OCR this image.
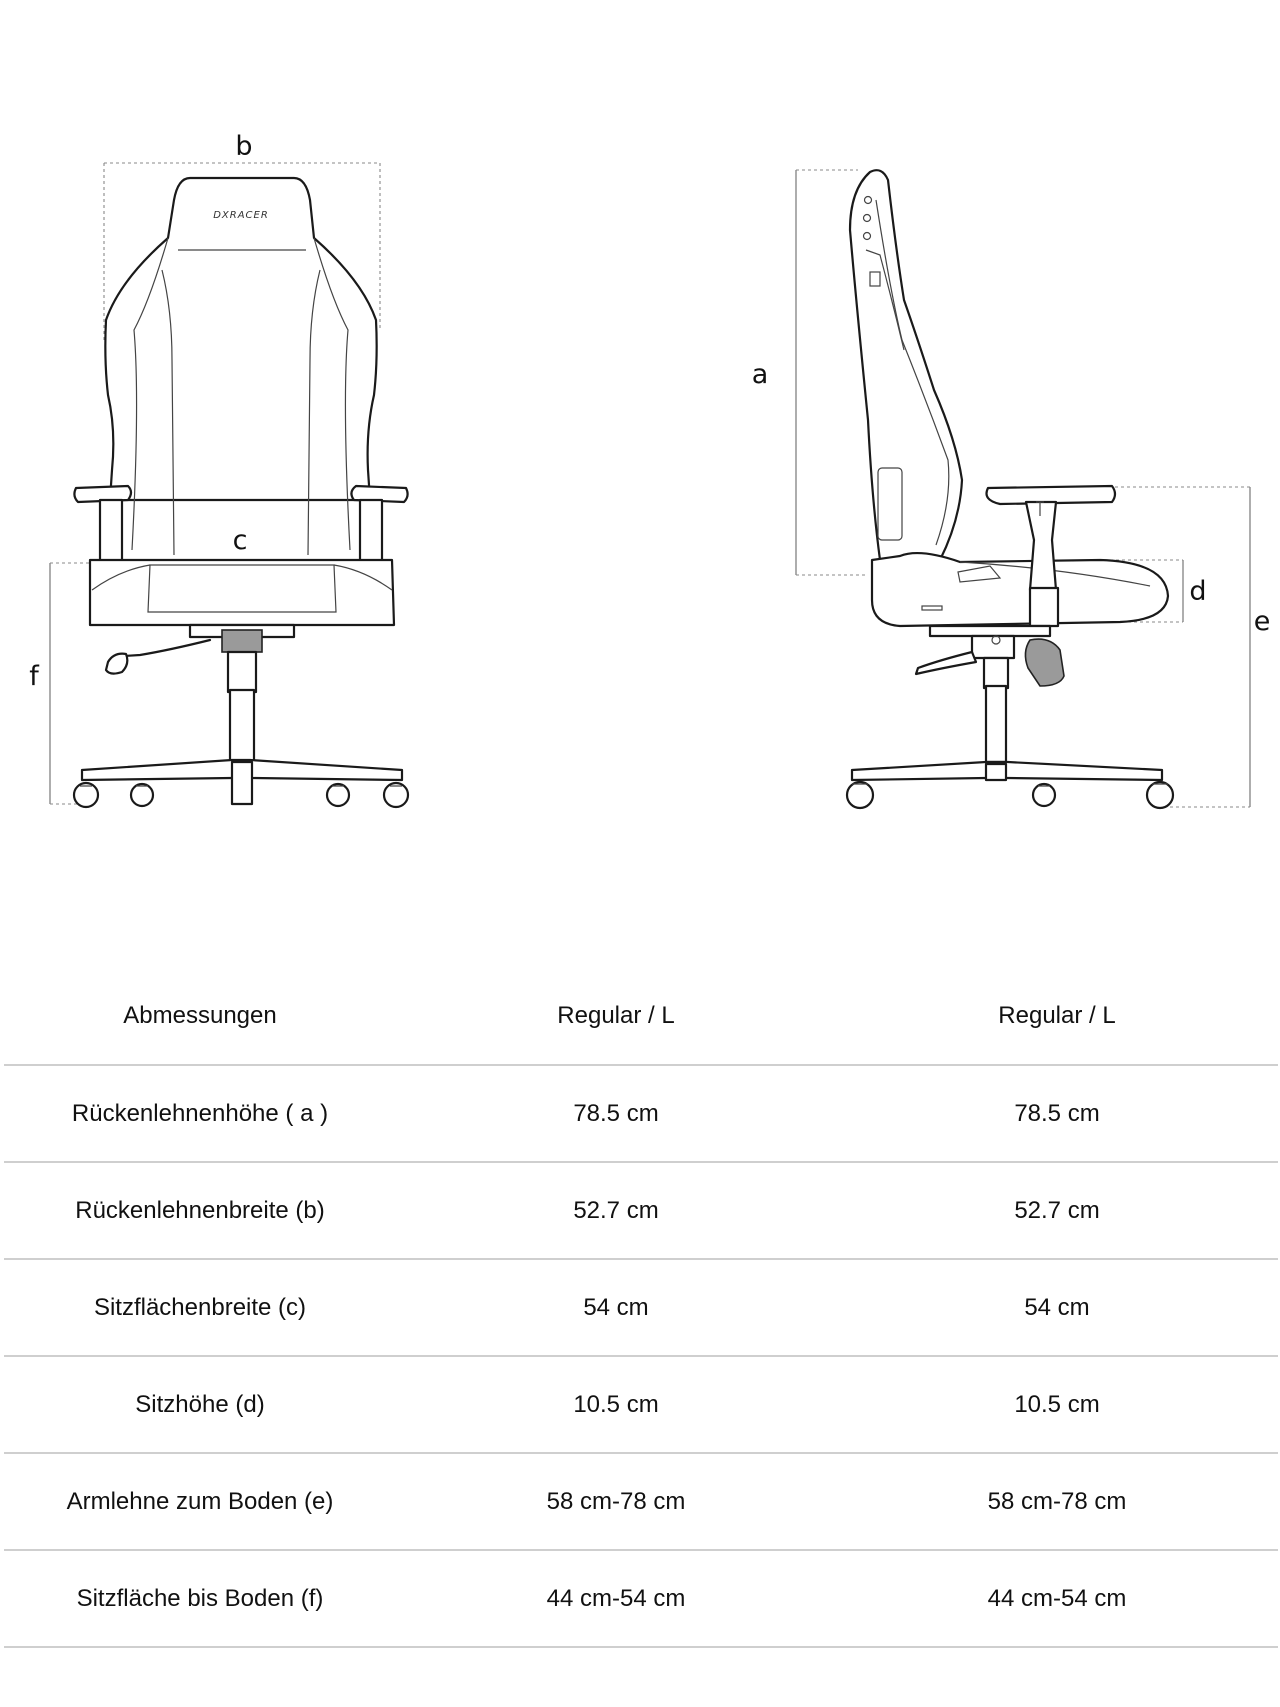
b
c
f
DXRACER
a
d
e
Abmessungen	Regular / L	Regular / L
Rückenlehnenhöhe ( a )	78.5 cm	78.5 cm
Rückenlehnenbreite (b)	52.7 cm	52.7 cm
Sitzflächenbreite (c)	54 cm	54 cm
Sitzhöhe (d)	10.5 cm	10.5 cm
Armlehne zum Boden (e)	58 cm-78 cm	58 cm-78 cm
Sitzfläche bis Boden (f)	44 cm-54 cm	44 cm-54 cm
